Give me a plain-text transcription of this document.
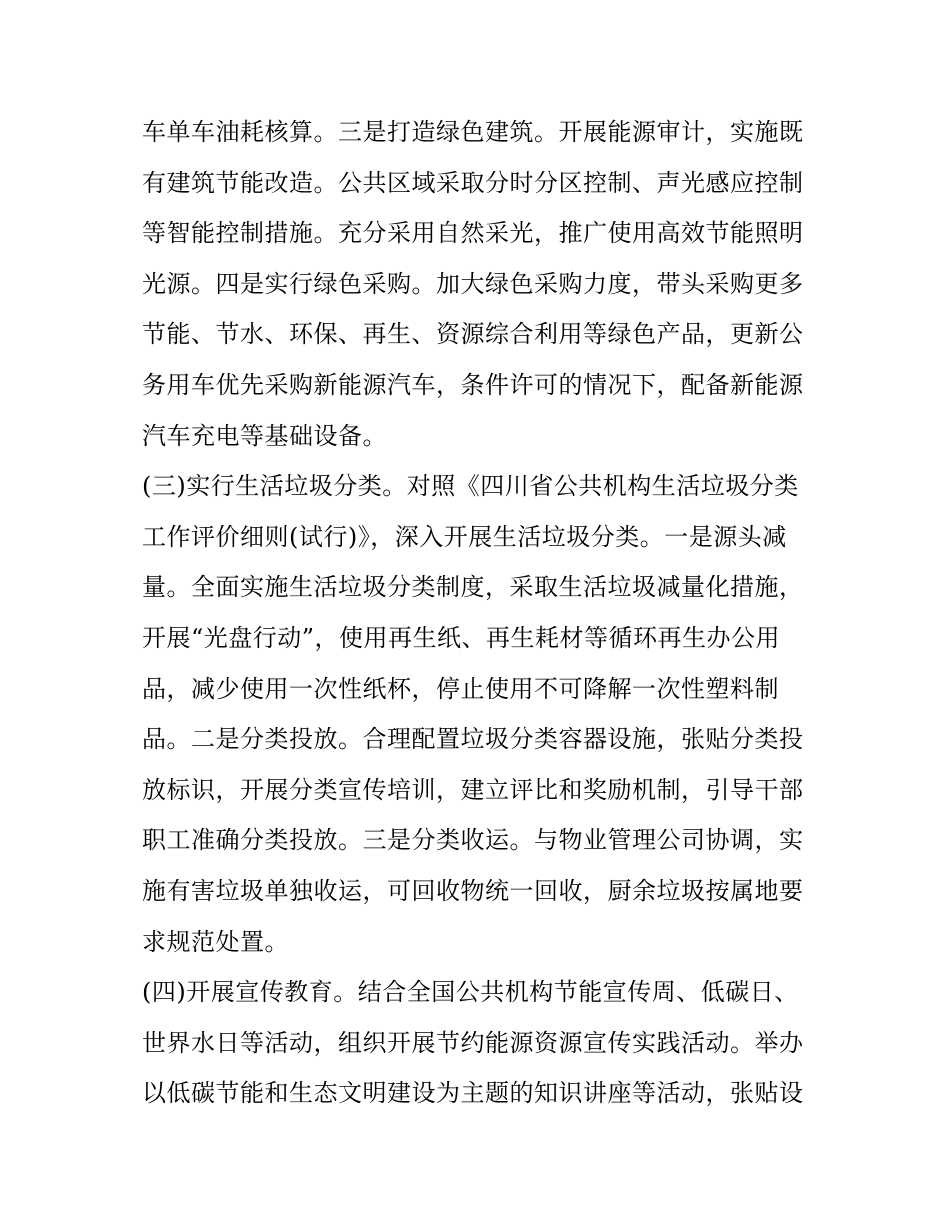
车单车油耗核算。三是打造绿色建筑。开展能源审计，实施既
有建筑节能改造。公共区域采取分时分区控制、声光感应控制
等智能控制措施。充分采用自然采光，推广使用高效节能照明
光源。四是实行绿色采购。加大绿色采购力度，带头采购更多
节能、节水、环保、再生、资源综合利用等绿色产品，更新公
务用车优先采购新能源汽车，条件许可的情况下，配备新能源
汽车充电等基础设备。
(三)实行生活垃圾分类。对照《四川省公共机构生活垃圾分类
工作评价细则(试行)》，深入开展生活垃圾分类。一是源头减
量。全面实施生活垃圾分类制度，采取生活垃圾减量化措施，
开展“光盘行动”，使用再生纸、再生耗材等循环再生办公用
品，减少使用一次性纸杯，停止使用不可降解一次性塑料制
品。二是分类投放。合理配置垃圾分类容器设施，张贴分类投
放标识，开展分类宣传培训，建立评比和奖励机制，引导干部
职工准确分类投放。三是分类收运。与物业管理公司协调，实
施有害垃圾单独收运，可回收物统一回收，厨余垃圾按属地要
求规范处置。
(四)开展宣传教育。结合全国公共机构节能宣传周、低碳日、
世界水日等活动，组织开展节约能源资源宣传实践活动。举办
以低碳节能和生态文明建设为主题的知识讲座等活动，张贴设
